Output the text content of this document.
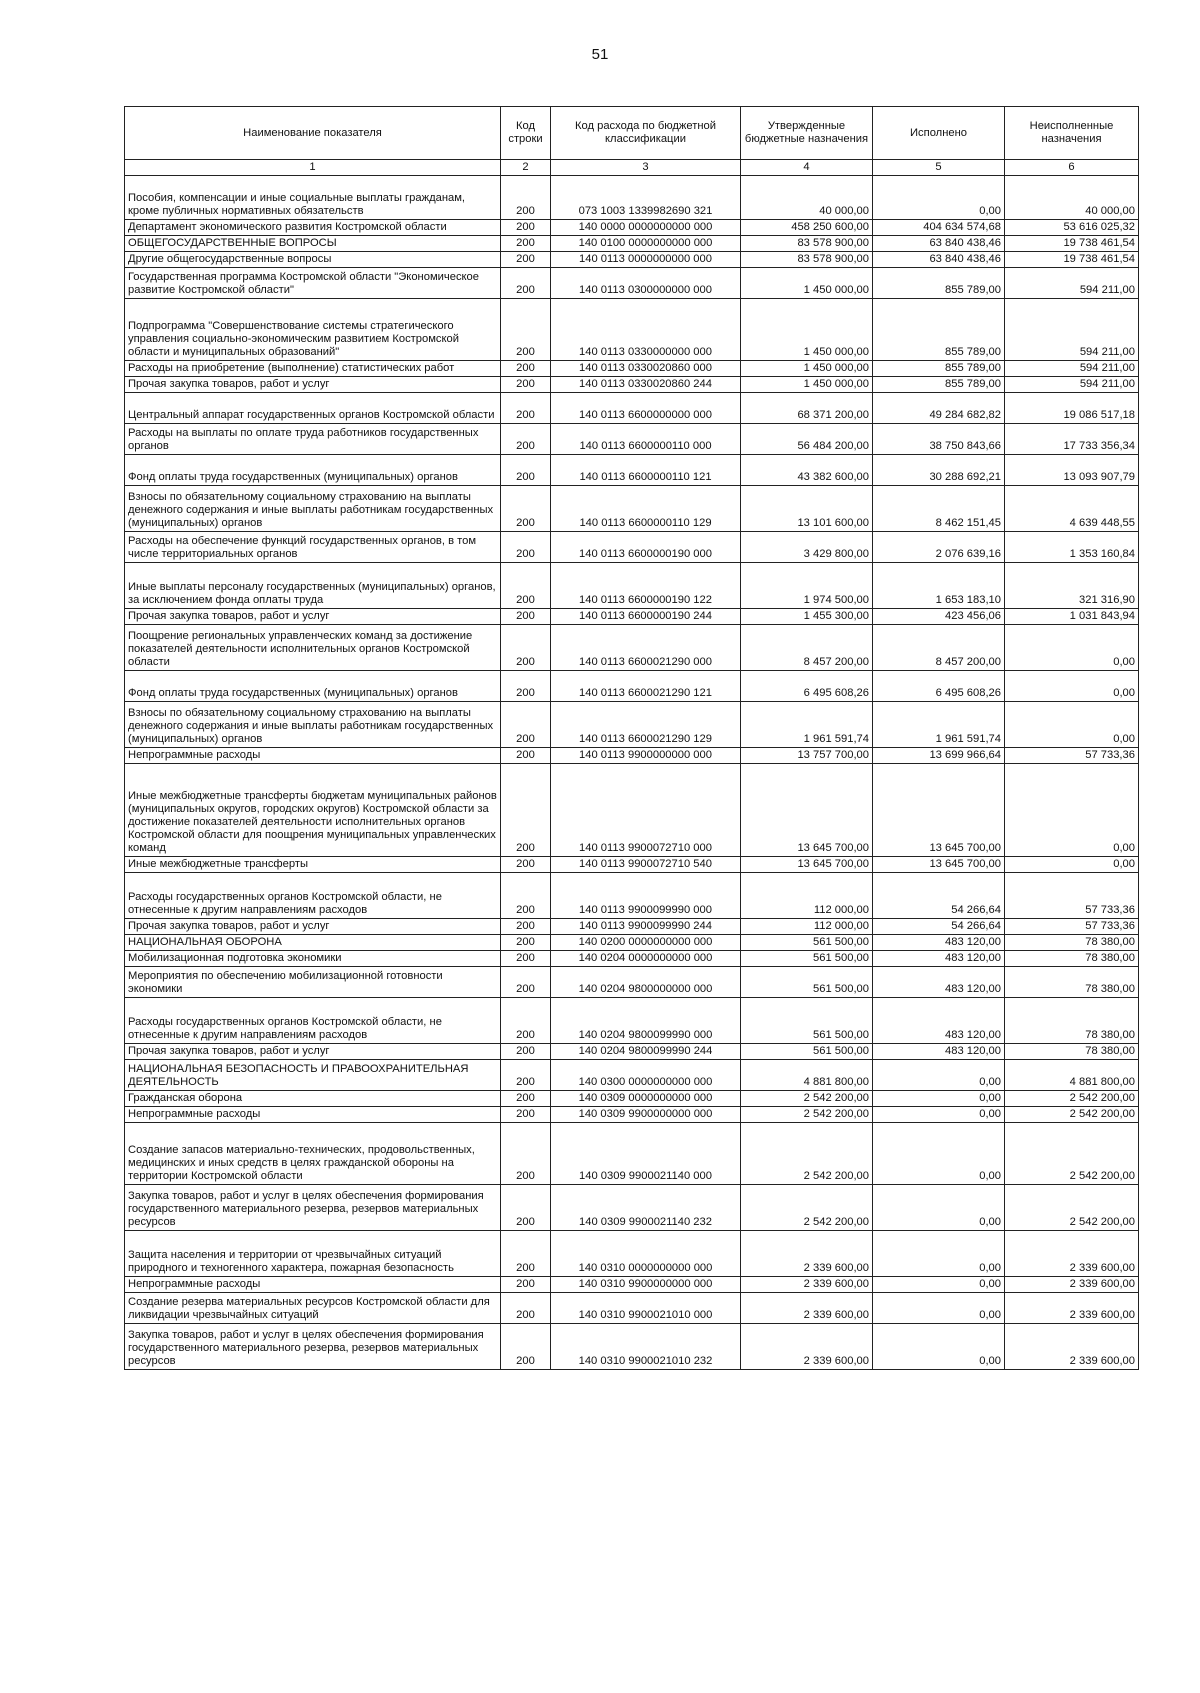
51
Наименование показателя	Код строки	Код расхода по бюджетной классификации	Утвержденные бюджетные назначения	Исполнено	Неисполненные назначения
1	2	3	4	5	6
Пособия, компенсации и иные социальные выплаты гражданам, кроме публичных нормативных обязательств	200	073 1003 1339982690 321	40 000,00	0,00	40 000,00
Департамент экономического развития Костромской области	200	140 0000 0000000000 000	458 250 600,00	404 634 574,68	53 616 025,32
ОБЩЕГОСУДАРСТВЕННЫЕ ВОПРОСЫ	200	140 0100 0000000000 000	83 578 900,00	63 840 438,46	19 738 461,54
Другие общегосударственные вопросы	200	140 0113 0000000000 000	83 578 900,00	63 840 438,46	19 738 461,54
Государственная программа Костромской области "Экономическое развитие Костромской области"	200	140 0113 0300000000 000	1 450 000,00	855 789,00	594 211,00
Подпрограмма "Совершенствование системы стратегического управления социально-экономическим развитием Костромской области и муниципальных образований"	200	140 0113 0330000000 000	1 450 000,00	855 789,00	594 211,00
Расходы на приобретение (выполнение) статистических работ	200	140 0113 0330020860 000	1 450 000,00	855 789,00	594 211,00
Прочая закупка товаров, работ и услуг	200	140 0113 0330020860 244	1 450 000,00	855 789,00	594 211,00
Центральный аппарат государственных органов Костромской области	200	140 0113 6600000000 000	68 371 200,00	49 284 682,82	19 086 517,18
Расходы на выплаты по оплате труда работников государственных органов	200	140 0113 6600000110 000	56 484 200,00	38 750 843,66	17 733 356,34
Фонд оплаты труда государственных (муниципальных) органов	200	140 0113 6600000110 121	43 382 600,00	30 288 692,21	13 093 907,79
Взносы по обязательному социальному страхованию на выплаты денежного содержания и иные выплаты работникам государственных (муниципальных) органов	200	140 0113 6600000110 129	13 101 600,00	8 462 151,45	4 639 448,55
Расходы на обеспечение функций государственных органов, в том числе территориальных органов	200	140 0113 6600000190 000	3 429 800,00	2 076 639,16	1 353 160,84
Иные выплаты персоналу государственных (муниципальных) органов, за исключением фонда оплаты труда	200	140 0113 6600000190 122	1 974 500,00	1 653 183,10	321 316,90
Прочая закупка товаров, работ и услуг	200	140 0113 6600000190 244	1 455 300,00	423 456,06	1 031 843,94
Поощрение региональных управленческих команд за достижение показателей деятельности исполнительных органов Костромской области	200	140 0113 6600021290 000	8 457 200,00	8 457 200,00	0,00
Фонд оплаты труда государственных (муниципальных) органов	200	140 0113 6600021290 121	6 495 608,26	6 495 608,26	0,00
Взносы по обязательному социальному страхованию на выплаты денежного содержания и иные выплаты работникам государственных (муниципальных) органов	200	140 0113 6600021290 129	1 961 591,74	1 961 591,74	0,00
Непрограммные расходы	200	140 0113 9900000000 000	13 757 700,00	13 699 966,64	57 733,36
Иные межбюджетные трансферты бюджетам муниципальных районов (муниципальных округов, городских округов) Костромской области за достижение показателей деятельности исполнительных органов Костромской области для поощрения муниципальных управленческих команд	200	140 0113 9900072710 000	13 645 700,00	13 645 700,00	0,00
Иные межбюджетные трансферты	200	140 0113 9900072710 540	13 645 700,00	13 645 700,00	0,00
Расходы государственных органов Костромской области, не отнесенные к другим направлениям расходов	200	140 0113 9900099990 000	112 000,00	54 266,64	57 733,36
Прочая закупка товаров, работ и услуг	200	140 0113 9900099990 244	112 000,00	54 266,64	57 733,36
НАЦИОНАЛЬНАЯ ОБОРОНА	200	140 0200 0000000000 000	561 500,00	483 120,00	78 380,00
Мобилизационная подготовка экономики	200	140 0204 0000000000 000	561 500,00	483 120,00	78 380,00
Мероприятия по обеспечению мобилизационной готовности экономики	200	140 0204 9800000000 000	561 500,00	483 120,00	78 380,00
Расходы государственных органов Костромской области, не отнесенные к другим направлениям расходов	200	140 0204 9800099990 000	561 500,00	483 120,00	78 380,00
Прочая закупка товаров, работ и услуг	200	140 0204 9800099990 244	561 500,00	483 120,00	78 380,00
НАЦИОНАЛЬНАЯ БЕЗОПАСНОСТЬ И ПРАВООХРАНИТЕЛЬНАЯ ДЕЯТЕЛЬНОСТЬ	200	140 0300 0000000000 000	4 881 800,00	0,00	4 881 800,00
Гражданская оборона	200	140 0309 0000000000 000	2 542 200,00	0,00	2 542 200,00
Непрограммные расходы	200	140 0309 9900000000 000	2 542 200,00	0,00	2 542 200,00
Создание запасов материально-технических, продовольственных, медицинских и иных средств в целях гражданской обороны на территории Костромской области	200	140 0309 9900021140 000	2 542 200,00	0,00	2 542 200,00
Закупка товаров, работ и услуг в целях обеспечения формирования государственного материального резерва, резервов материальных ресурсов	200	140 0309 9900021140 232	2 542 200,00	0,00	2 542 200,00
Защита населения и территории от чрезвычайных ситуаций природного и техногенного характера, пожарная безопасность	200	140 0310 0000000000 000	2 339 600,00	0,00	2 339 600,00
Непрограммные расходы	200	140 0310 9900000000 000	2 339 600,00	0,00	2 339 600,00
Создание резерва материальных ресурсов Костромской области для ликвидации чрезвычайных ситуаций	200	140 0310 9900021010 000	2 339 600,00	0,00	2 339 600,00
Закупка товаров, работ и услуг в целях обеспечения формирования государственного материального резерва, резервов материальных ресурсов	200	140 0310 9900021010 232	2 339 600,00	0,00	2 339 600,00
